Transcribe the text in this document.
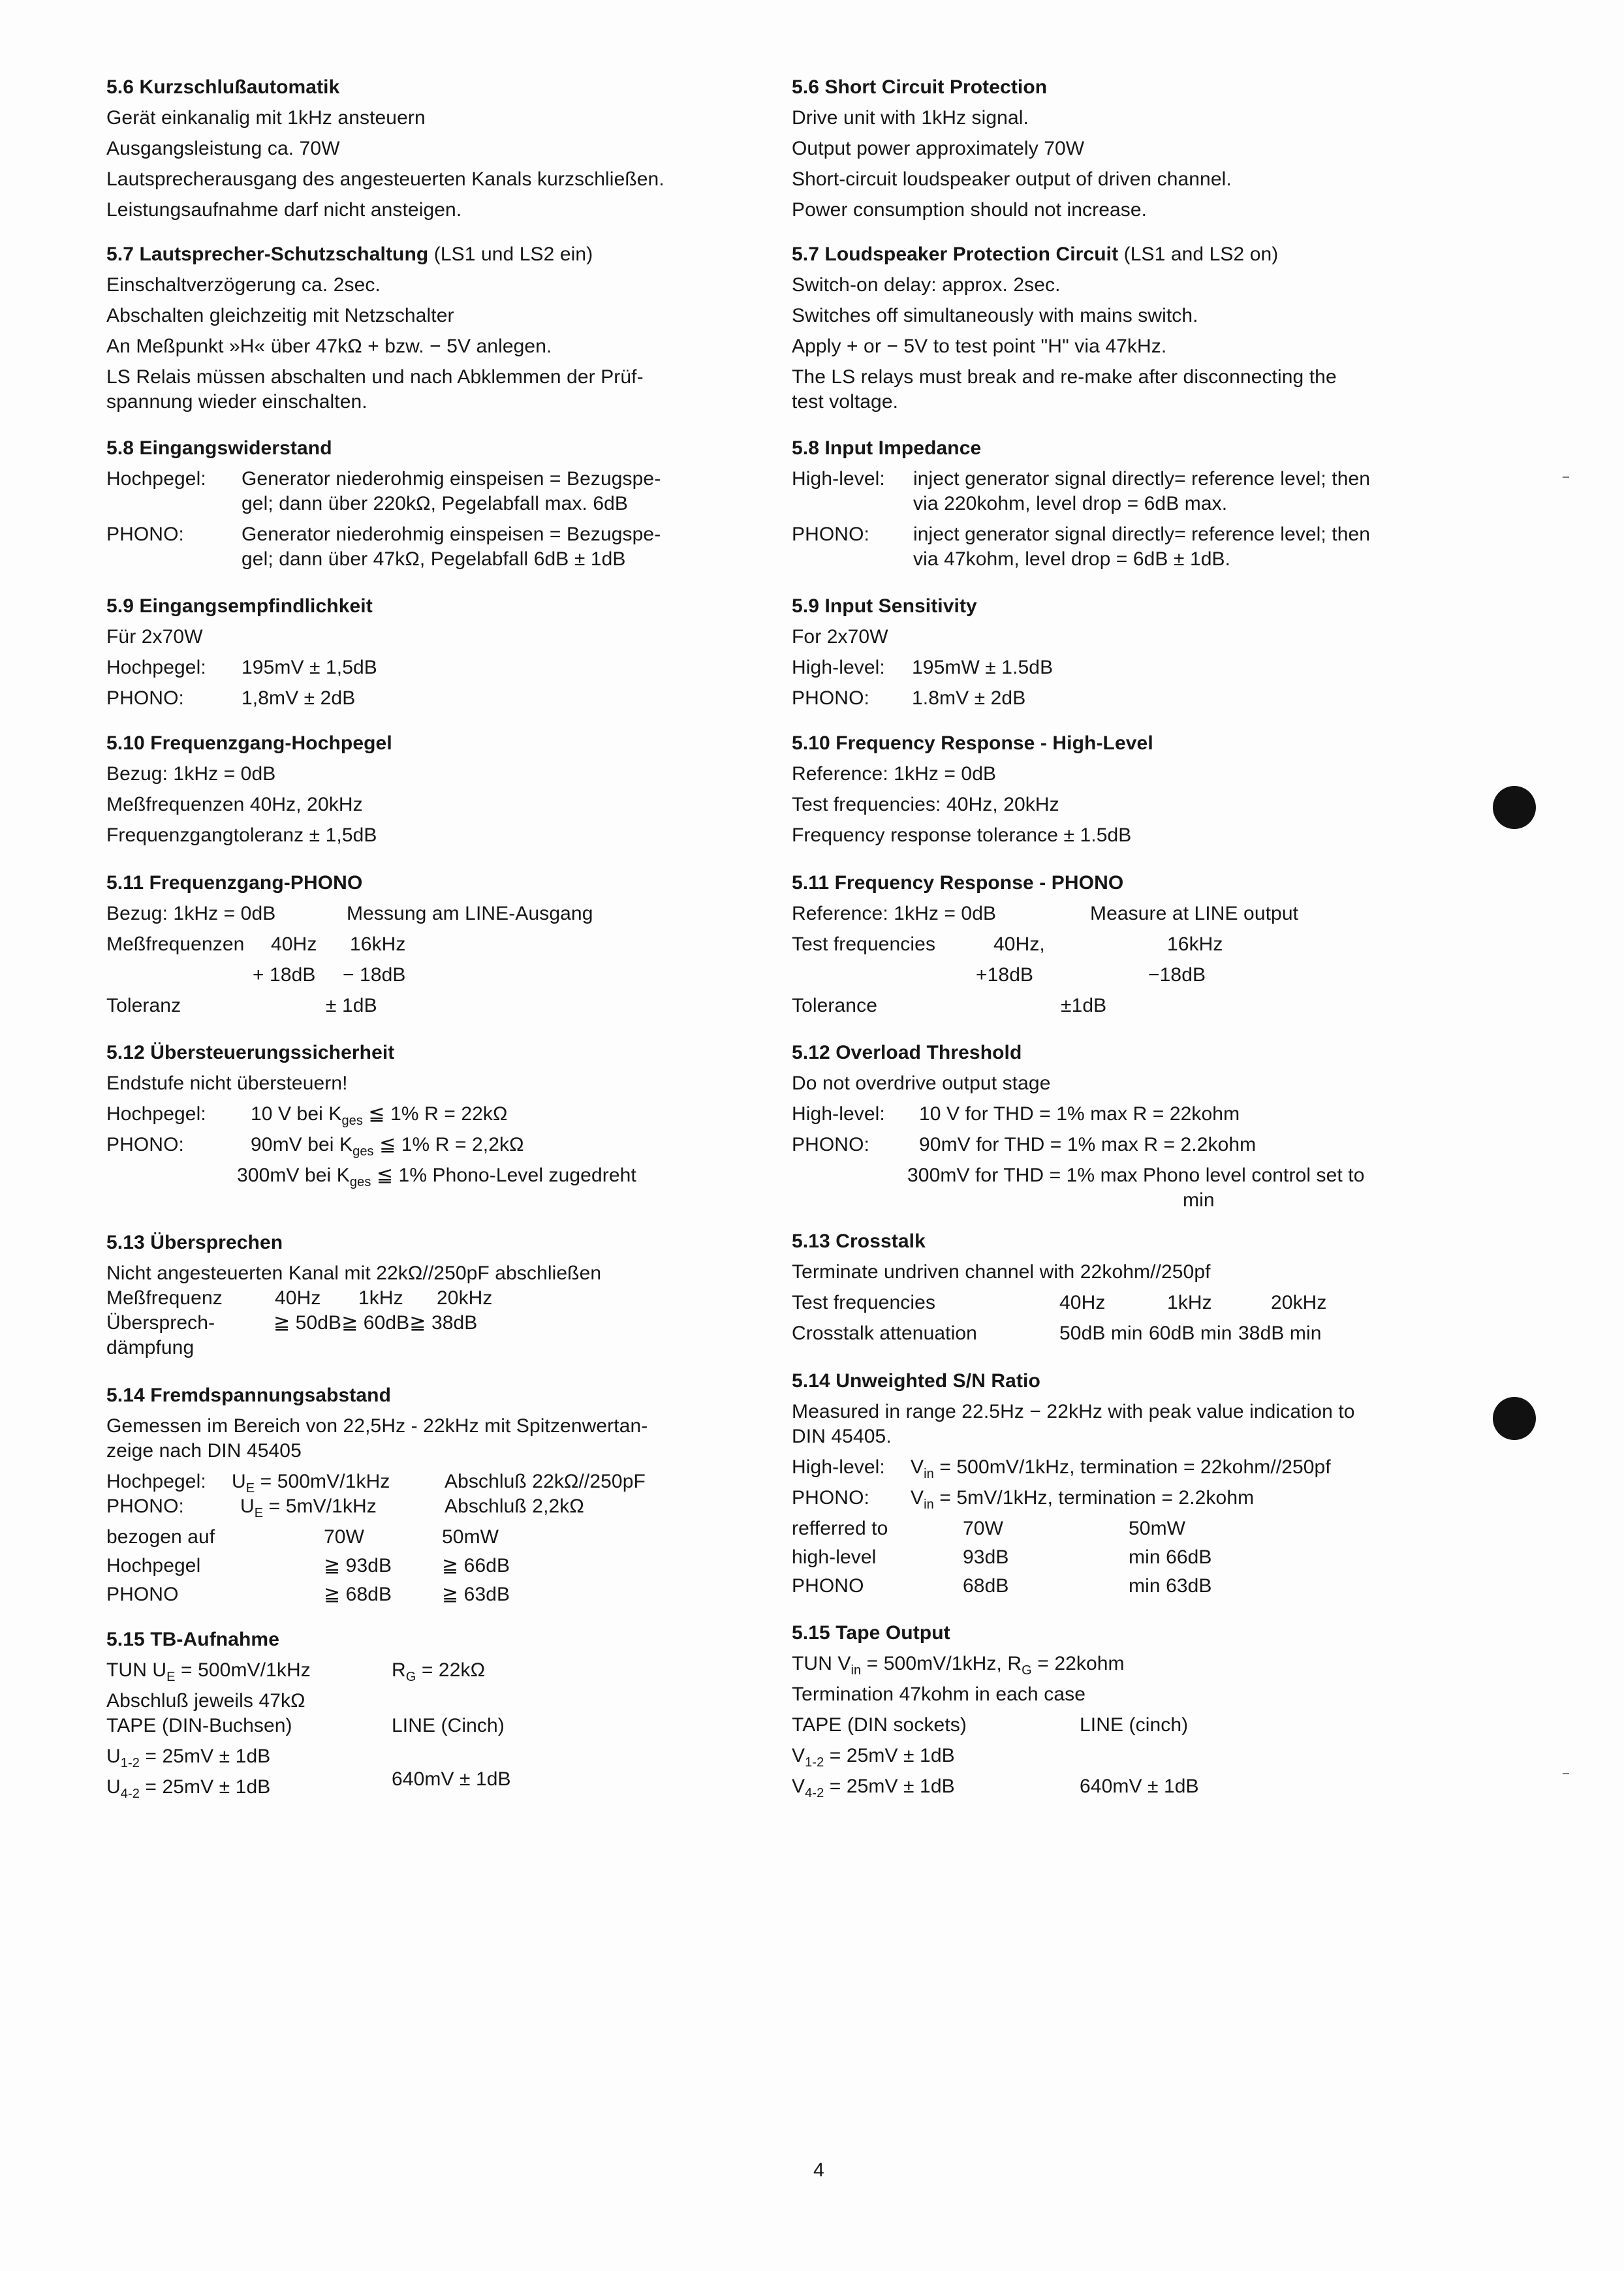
5.6 Kurzschlußautomatik
Gerät einkanalig mit 1kHz ansteuern
Ausgangsleistung ca. 70W
Lautsprecherausgang des angesteuerten Kanals kurzschließen.
Leistungsaufnahme darf nicht ansteigen.
5.7 Lautsprecher-Schutzschaltung (LS1 und LS2 ein)
Einschaltverzögerung ca. 2sec.
Abschalten gleichzeitig mit Netzschalter
An Meßpunkt »H« über 47kΩ + bzw. − 5V anlegen.
LS Relais müssen abschalten und nach Abklemmen der Prüf-
spannung wieder einschalten.
5.8 Eingangswiderstand
Hochpegel: Generator niederohmig einspeisen = Bezugspe-
gel; dann über 220kΩ, Pegelabfall max. 6dB
PHONO:	Generator niederohmig einspeisen = Bezugspe-
gel; dann über 47kΩ, Pegelabfall 6dB ± 1dB
5.9 Eingangsempfindlichkeit
Für 2x70W
Hochpegel: 195mV ± 1,5dB
PHONO:	1,8mV ± 2dB
5.10 Frequenzgang-Hochpegel
Bezug: 1kHz = 0dB
Meßfrequenzen 40Hz, 20kHz
Frequenzgangtoleranz ± 1,5dB
5.11 Frequenzgang-PHONO
Bezug: 1kHz = 0dB	Messung am LINE-Ausgang
Meßfrequenzen 40Hz 16kHz
+ 18dB − 18dB
Toleranz	± 1dB
5.12 Übersteuerungssicherheit
Endstufe nicht übersteuern!
Hochpegel: 10 V bei $K_{ges}$ ≦ 1% R = 22kΩ
PHONO:	90mV bei $K_{ges}$ ≦ 1% R = 2,2kΩ
300mV bei $K_{ges}$ ≦ 1% Phono-Level zugedreht
5.13 Übersprechen
Nicht angesteuerten Kanal mit 22kΩ//250pF abschließen
Meßfrequenz	40Hz 1kHz 20kHz
Übersprech-	≧ 50dB≧ 60dB≧ 38dB
dämpfung
5.14 Fremdspannungsabstand
Gemessen im Bereich von 22,5Hz - 22kHz mit Spitzenwertan-
zeige nach DIN 45405
Hochpegel: $U_E = 500mV/1kHz$	Abschluß 22kΩ//250pF
PHONO:	$U_E = 5mV/1kHz$	Abschluß 2,2kΩ
bezogen auf	70W	50mW
Hochpegel	≧ 93dB	≧ 66dB
PHONO	≧ 68dB	≧ 63dB
5.15 TB-Aufnahme
TUN $U_E = 500mV/1kHz$	$R_G = 22k\Omega$
Abschluß jeweils 47kΩ
TAPE (DIN-Buchsen)	LINE (Cinch)
$U_{1-2} = 25mV \pm 1dB$
$U_{4-2} = 25mV \pm 1dB$	640mV ± 1dB
5.6 Short Circuit Protection
Drive unit with 1kHz signal.
Output power approximately 70W
Short-circuit loudspeaker output of driven channel.
Power consumption should not increase.
5.7 Loudspeaker Protection Circuit (LS1 and LS2 on)
Switch-on delay: approx. 2sec.
Switches off simultaneously with mains switch.
Apply + or − 5V to test point "H" via 47kHz.
The LS relays must break and re-make after disconnecting the
test voltage.
5.8 Input Impedance
High-level: inject generator signal directly= reference level; then
via 220kohm, level drop = 6dB max.
PHONO: inject generator signal directly= reference level; then
via 47kohm, level drop = 6dB ± 1dB.
5.9 Input Sensitivity
For 2x70W
High-level: 195mW ± 1.5dB
PHONO: 1.8mV ± 2dB
5.10 Frequency Response - High-Level
Reference: 1kHz = 0dB
Test frequencies: 40Hz, 20kHz
Frequency response tolerance ± 1.5dB
5.11 Frequency Response - PHONO
Reference: 1kHz = 0dB	Measure at LINE output
Test frequencies	40Hz,	16kHz
+18dB	−18dB
Tolerance	±1dB
5.12 Overload Threshold
Do not overdrive output stage
High-level: 10 V for THD = 1% max R = 22kohm
PHONO:	90mV for THD = 1% max R = 2.2kohm
300mV for THD = 1% max Phono level control set to
min
5.13 Crosstalk
Terminate undriven channel with 22kohm//250pf
Test frequencies	40Hz	1kHz	20kHz
Crosstalk attenuation	50dB min 60dB min 38dB min
5.14 Unweighted S/N Ratio
Measured in range 22.5Hz − 22kHz with peak value indication to
DIN 45405.
High-level: $V_{in} = 500mV/1kHz$, termination = 22kohm//250pf
PHONO: $V_{in} = 5mV/1kHz$, termination = 2.2kohm
refferred to	70W	50mW
high-level	93dB	min 66dB
PHONO	68dB	min 63dB
5.15 Tape Output
TUN $V_{in} = 500mV/1kHz$, $R_G$ = 22kohm
Termination 47kohm in each case
TAPE (DIN sockets)	LINE (cinch)
$V_{1-2} = 25mV \pm 1dB$
$V_{4-2} = 25mV \pm 1dB$	640mV ± 1dB
4
